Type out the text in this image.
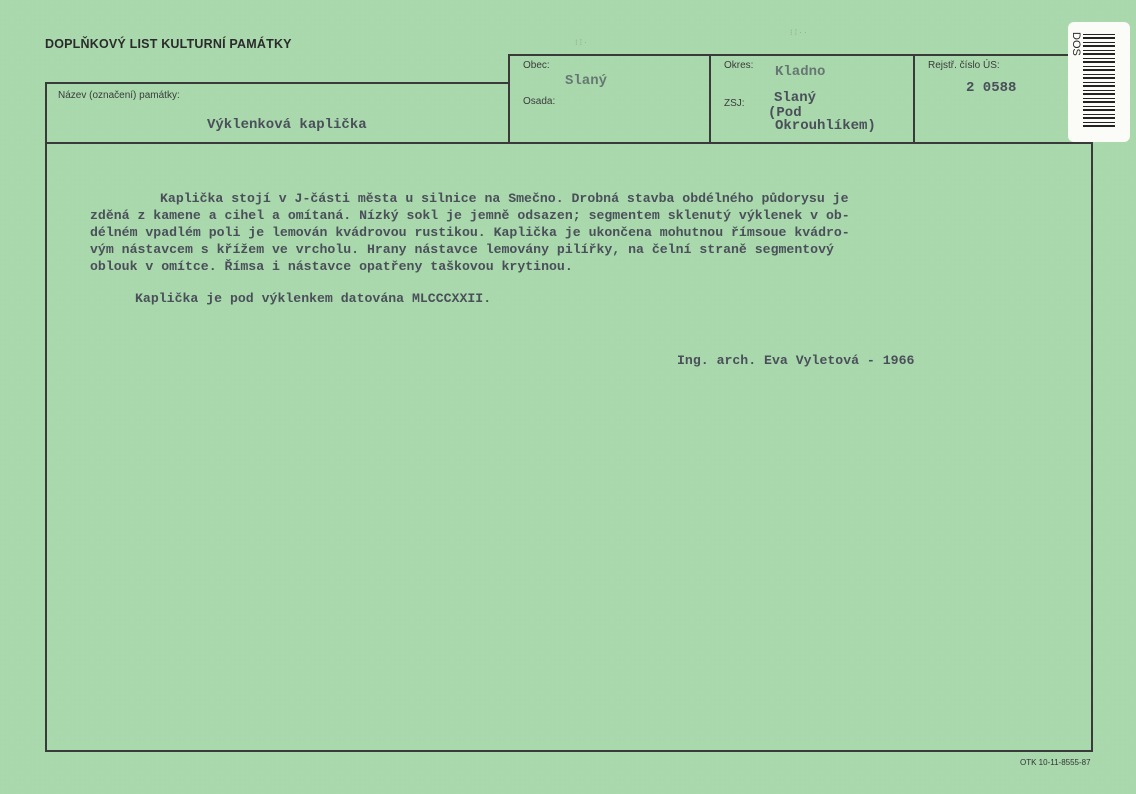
DOPLŇKOVÝ LIST KULTURNÍ PAMÁTKY	⁝ ⁞ ·
⁝ ⁞ · ·
Název (označení) památky:
Obec:
Osada:
Okres:
ZSJ:
Rejstř. číslo ÚS:
Výklenková kaplička
Slaný
Kladno
Slaný
(Pod
Okrouhlíkem)
2 0588
Kaplička stojí v J-části města u silnice na Smečno. Drobná stavba obdélného půdorysu je
zděná z kamene a cihel a omítaná. Nízký sokl je jemně odsazen; segmentem sklenutý výklenek v ob-
délném vpadlém poli je lemován kvádrovou rustikou. Kaplička je ukončena mohutnou římsoue kvádro-
vým nástavcem s křížem ve vrcholu. Hrany nástavce lemovány pilířky, na čelní straně segmentový
oblouk v omítce. Římsa i nástavce opatřeny taškovou krytinou.
Kaplička je pod výklenkem datována MLCCCXXII.
Ing. arch. Eva Vyletová - 1966
DOS
OTK 10-11-8555-87
